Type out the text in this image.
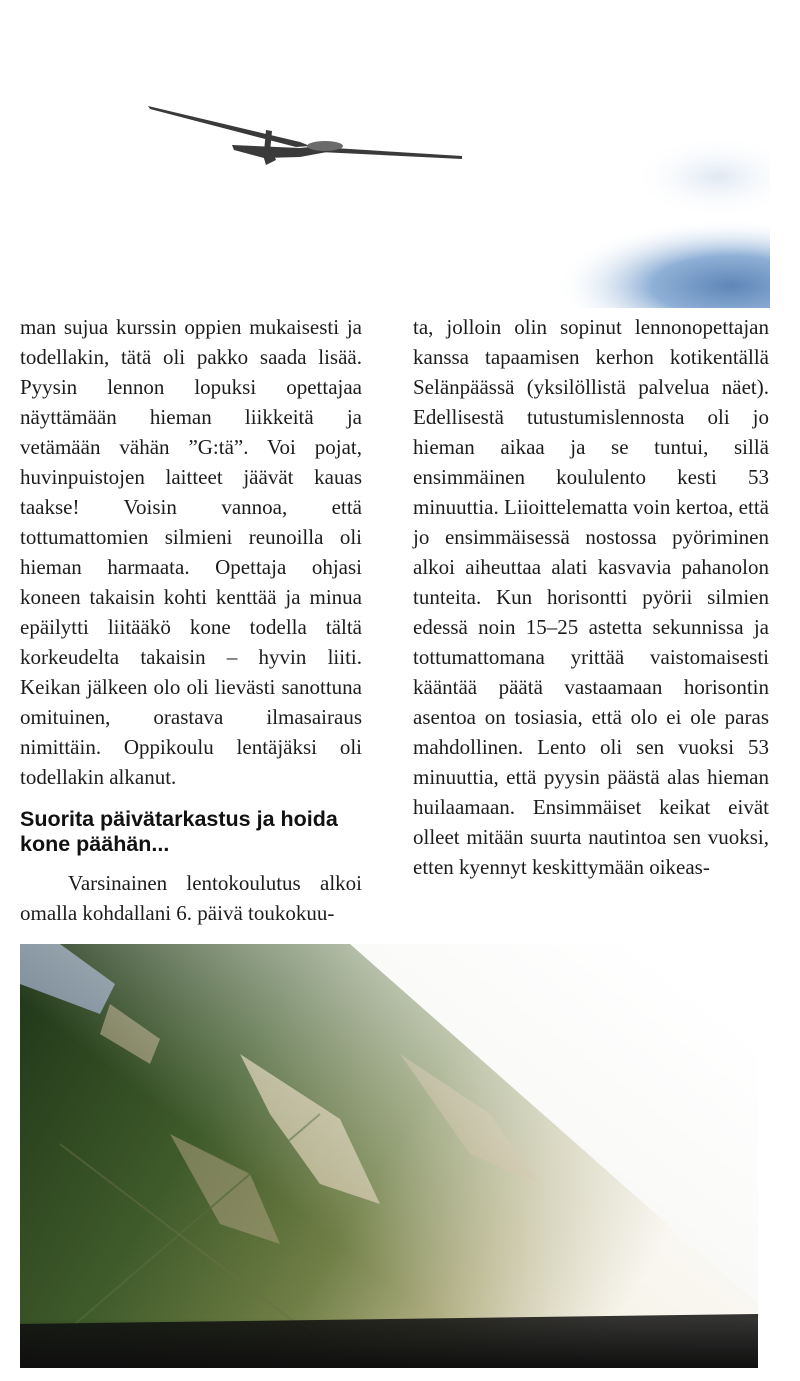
man sujua kurssin oppien mukaisesti ja todellakin, tätä oli pakko saada lisää. Pyysin lennon lopuksi opettajaa näyttämään hieman liikkeitä ja vetämään vähän ”G:tä”. Voi pojat, huvinpuistojen laitteet jäävät kauas taakse! Voisin vannoa, että tottumattomien silmieni reunoilla oli hieman harmaata. Opettaja ohjasi koneen takaisin kohti kenttää ja minua epäilytti liitääkö kone todella tältä korkeudelta takaisin – hyvin liiti. Keikan jälkeen olo oli lievästi sanottuna omituinen, orastava ilmasairaus nimittäin. Oppikoulu lentäjäksi oli todellakin alkanut.

Suorita päivätarkastus ja hoida kone päähän...

Varsinainen lentokoulutus alkoi omalla kohdallani 6. päivä toukokuu-

ta, jolloin olin sopinut lennonopettajan kanssa tapaamisen kerhon kotikentällä Selänpäässä (yksilöllistä palvelua näet). Edellisestä tutustumislennosta oli jo hieman aikaa ja se tuntui, sillä ensimmäinen koululento kesti 53 minuuttia. Liioittelematta voin kertoa, että jo ensimmäisessä nostossa pyöriminen alkoi aiheuttaa alati kasvavia pahanolon tunteita. Kun horisontti pyörii silmien edessä noin 15–25 astetta sekunnissa ja tottumattomana yrittää vaistomaisesti kääntää päätä vastaamaan horisontin asentoa on tosiasia, että olo ei ole paras mahdollinen. Lento oli sen vuoksi 53 minuuttia, että pyysin päästä alas hieman huilaamaan. Ensimmäiset keikat eivät olleet mitään suurta nautintoa sen vuoksi, etten kyennyt keskittymään oikeas-
